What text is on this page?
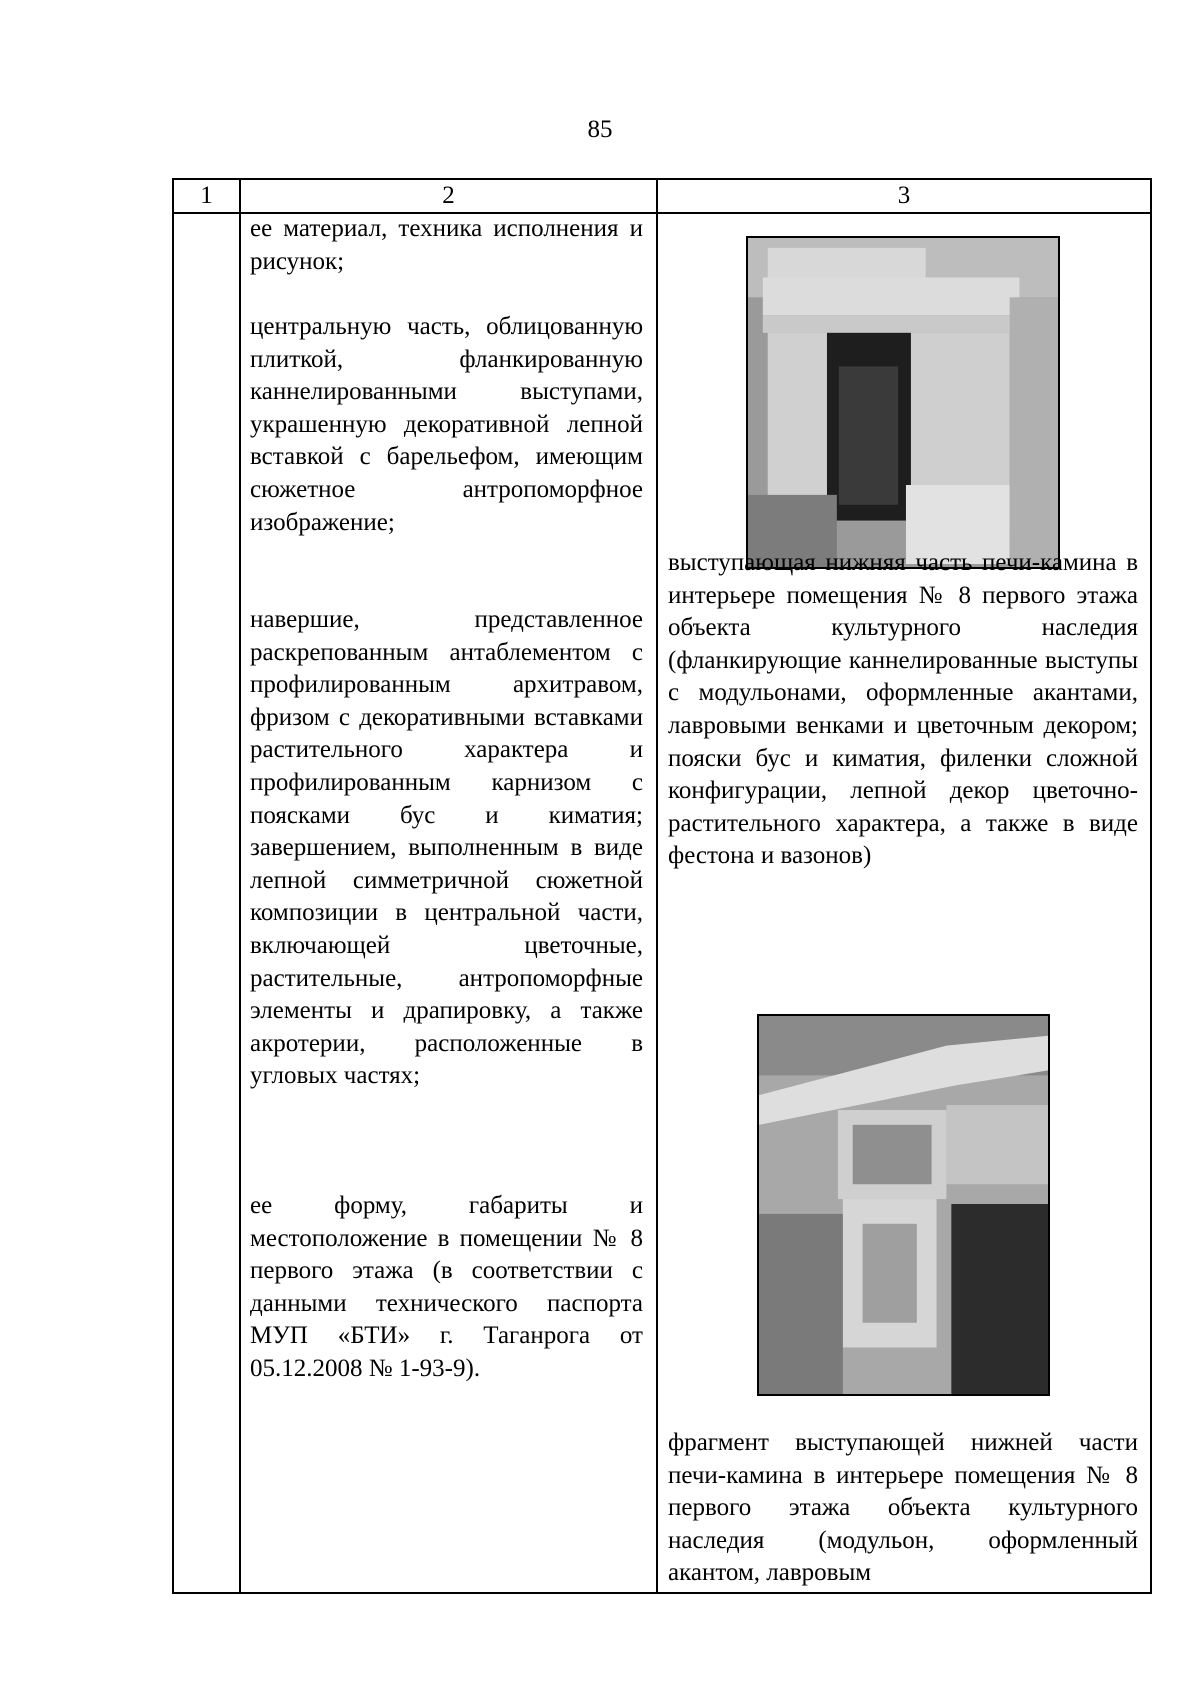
85
1	2	3
ее материал, техника исполнения и рисунок;
центральную часть, облицованную плиткой, фланкированную каннелированными выступами, украшенную декоративной лепной вставкой с барельефом, имеющим сюжетное антропоморфное изображение;
навершие, представленное раскрепованным антаблементом с профилированным архитравом, фризом с декоративными вставками растительного характера и профилированным карнизом с поясками бус и киматия; завершением, выполненным в виде лепной симметричной сюжетной композиции в центральной части, включающей цветочные, растительные, антропоморфные элементы и драпировку, а также акротерии, расположенные в угловых частях;
ее форму, габариты и местоположение в помещении № 8 первого этажа (в соответствии с данными технического паспорта МУП «БТИ» г. Таганрога от 05.12.2008 № 1-93-9).
выступающая нижняя часть печи-камина в интерьере помещения № 8 первого этажа объекта культурного наследия (фланкирующие каннелированные выступы с модульонами, оформленные акантами, лавровыми венками и цветочным декором; пояски бус и киматия, филенки сложной конфигурации, лепной декор цветочно-растительного характера, а также в виде фестона и вазонов)
фрагмент выступающей нижней части печи-камина в интерьере помещения № 8 первого этажа объекта культурного наследия (модульон, оформленный акантом, лавровым
